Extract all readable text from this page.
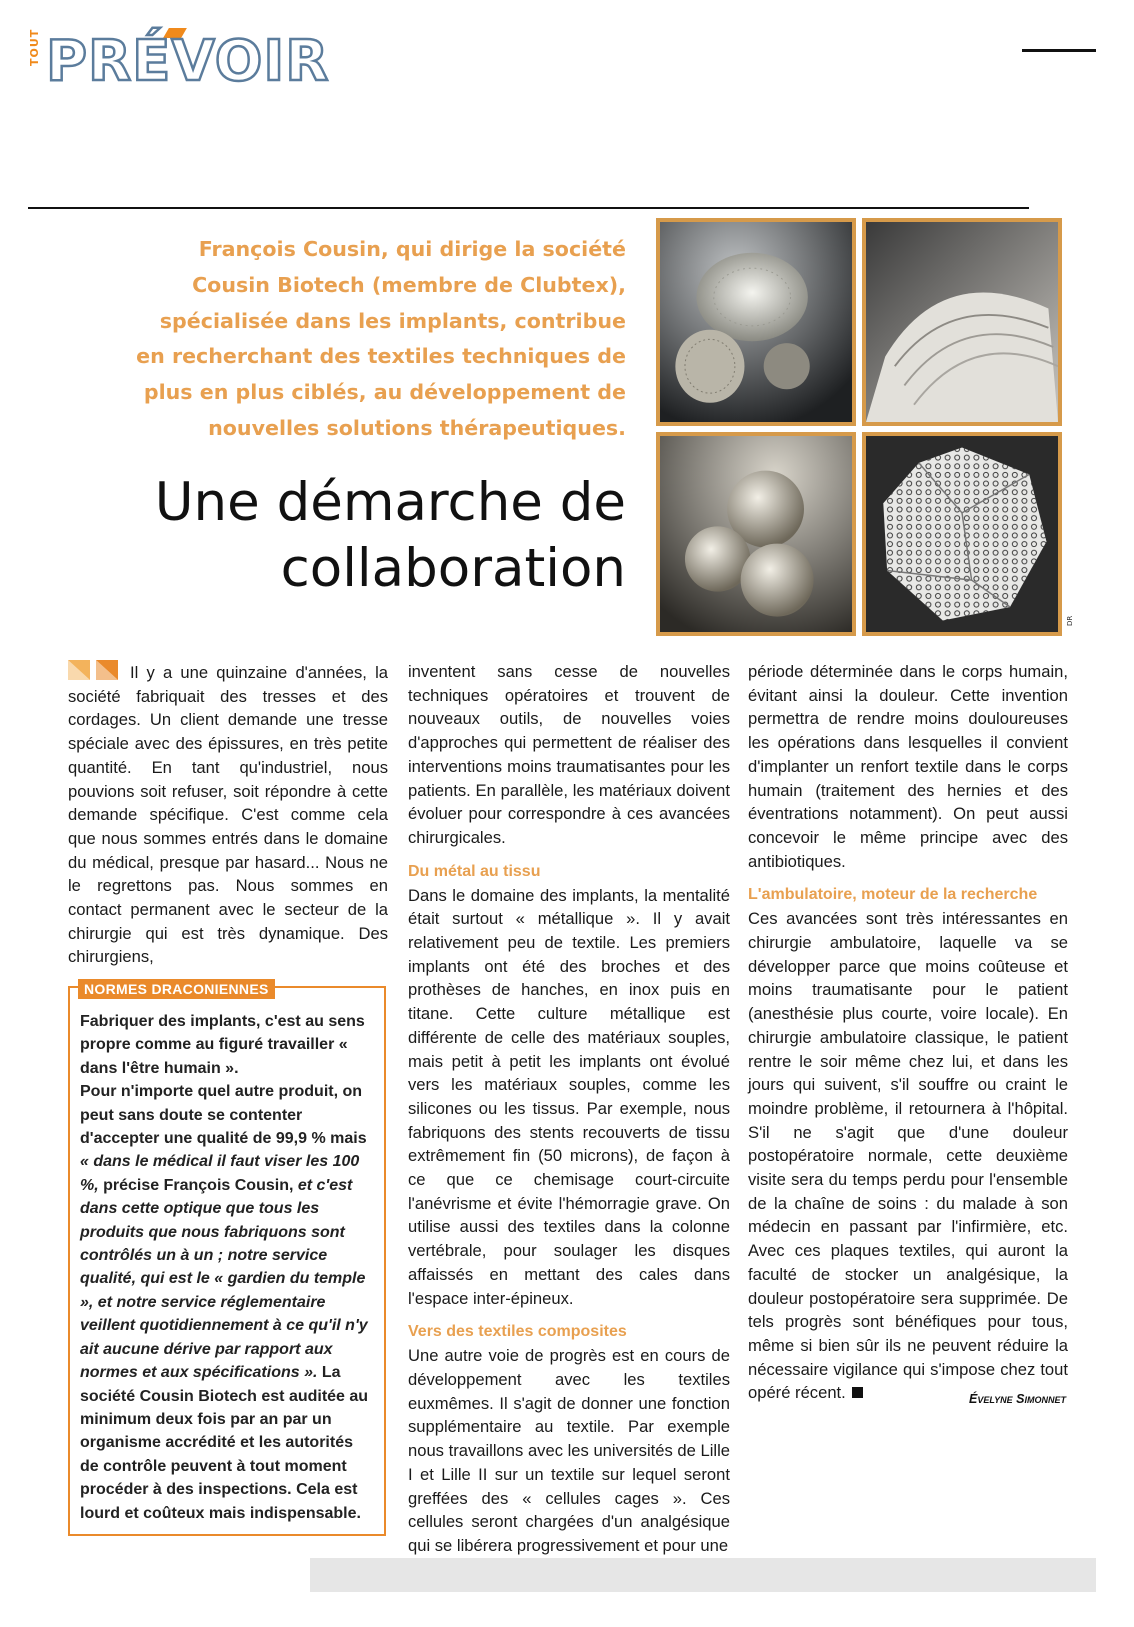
TOUT PRÉVOIR
François Cousin, qui dirige la société Cousin Biotech (membre de Clubtex), spécialisée dans les implants, contribue en recherchant des textiles techniques de plus en plus ciblés, au développement de nouvelles solutions thérapeutiques.
Une démarche de
collaboration
DR

Il y a une quinzaine d'années, la société fabriquait des tresses et des cordages. Un client demande une tresse spéciale avec des épissures, en très petite quantité. En tant qu'industriel, nous pouvions soit refuser, soit répondre à cette demande spécifique. C'est comme cela que nous sommes entrés dans le domaine du médical, presque par hasard... Nous ne le regrettons pas. Nous sommes en contact permanent avec le secteur de la chirurgie qui est très dynamique. Des chirurgiens,

NORMES DRACONIENNES

Fabriquer des implants, c'est au sens propre comme au figuré travailler « dans l'être humain ».

Pour n'importe quel autre produit, on peut sans doute se contenter d'accepter une qualité de 99,9 % mais « dans le médical il faut viser les 100 %, précise François Cousin, et c'est dans cette optique que tous les produits que nous fabriquons sont contrôlés un à un ; notre service qualité, qui est le « gardien du temple », et notre service réglementaire veillent quotidiennement à ce qu'il n'y ait aucune dérive par rapport aux normes et aux spécifications ». La société Cousin Biotech est auditée au minimum deux fois par an par un organisme accrédité et les autorités de contrôle peuvent à tout moment procéder à des inspections. Cela est lourd et coûteux mais indispensable.

inventent sans cesse de nouvelles techniques opératoires et trouvent de nouveaux outils, de nouvelles voies d'approches qui permettent de réaliser des interventions moins traumatisantes pour les patients. En parallèle, les matériaux doivent évoluer pour correspondre à ces avancées chirurgicales.

Du métal au tissu

Dans le domaine des implants, la mentalité était surtout « métallique ». Il y avait relativement peu de textile. Les premiers implants ont été des broches et des prothèses de hanches, en inox puis en titane. Cette culture métallique est différente de celle des matériaux souples, mais petit à petit les implants ont évolué vers les matériaux souples, comme les silicones ou les tissus. Par exemple, nous fabriquons des stents recouverts de tissu extrêmement fin (50 microns), de façon à ce que ce chemisage court-circuite l'anévrisme et évite l'hémorragie grave. On utilise aussi des textiles dans la colonne vertébrale, pour soulager les disques affaissés en mettant des cales dans l'espace inter-épineux.

Vers des textiles composites

Une autre voie de progrès est en cours de développement avec les textiles euxmêmes. Il s'agit de donner une fonction supplémentaire au textile. Par exemple nous travaillons avec les universités de Lille I et Lille II sur un textile sur lequel seront greffées des « cellules cages ». Ces cellules seront chargées d'un analgésique qui se libérera progressivement et pour une

période déterminée dans le corps humain, évitant ainsi la douleur. Cette invention permettra de rendre moins douloureuses les opérations dans lesquelles il convient d'implanter un renfort textile dans le corps humain (traitement des hernies et des éventrations notamment). On peut aussi concevoir le même principe avec des antibiotiques.

L'ambulatoire, moteur de la recherche

Ces avancées sont très intéressantes en chirurgie ambulatoire, laquelle va se développer parce que moins coûteuse et moins traumatisante pour le patient (anesthésie plus courte, voire locale). En chirurgie ambulatoire classique, le patient rentre le soir même chez lui, et dans les jours qui suivent, s'il souffre ou craint le moindre problème, il retournera à l'hôpital. S'il ne s'agit que d'une douleur postopératoire normale, cette deuxième visite sera du temps perdu pour l'ensemble de la chaîne de soins : du malade à son médecin en passant par l'infirmière, etc. Avec ces plaques textiles, qui auront la faculté de stocker un analgésique, la douleur postopératoire sera supprimée. De tels progrès sont bénéfiques pour tous, même si bien sûr ils ne peuvent réduire la nécessaire vigilance qui s'impose chez tout opéré récent.	Évelyne Simonnet
